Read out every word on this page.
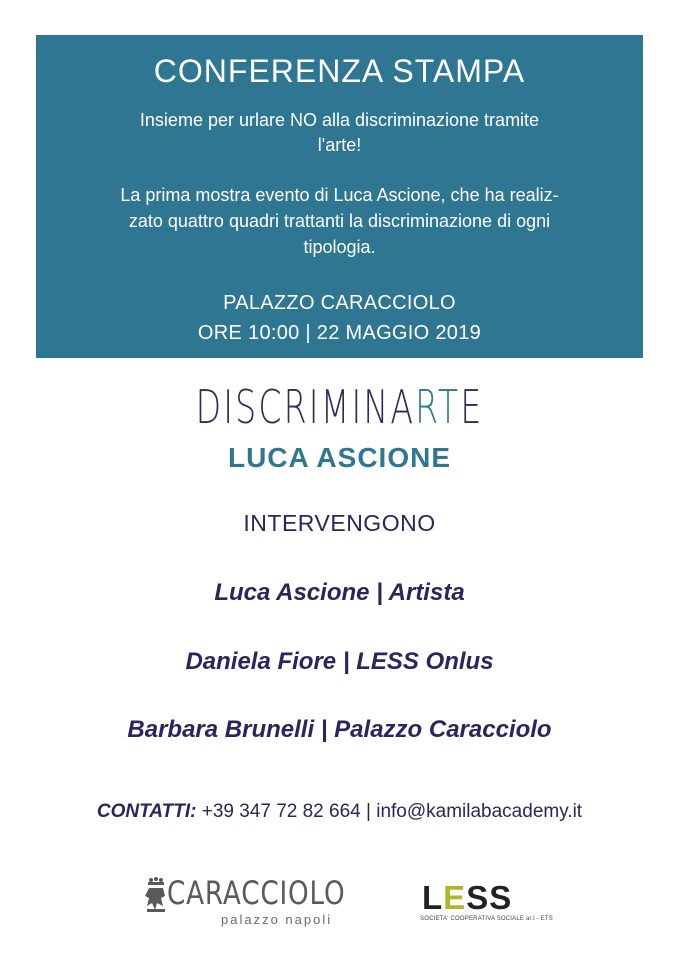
CONFERENZA STAMPA
Insieme per urlare NO alla discriminazione tramite
l'arte!
La prima mostra evento di Luca Ascione, che ha realiz-
zato quattro quadri trattanti la discriminazione di ogni
tipologia.
PALAZZO CARACCIOLO
ORE 10:00 | 22 MAGGIO 2019
DISCRIMINARTE
LUCA ASCIONE
INTERVENGONO
Luca Ascione | Artista
Daniela Fiore | LESS Onlus
Barbara Brunelli | Palazzo Caracciolo
CONTATTI: +39 347 72 82 664 | info@kamilabacademy.it
CARACCIOLO
palazzo napoli
LESS
SOCIETA' COOPERATIVA SOCIALE ar.l - ETS
